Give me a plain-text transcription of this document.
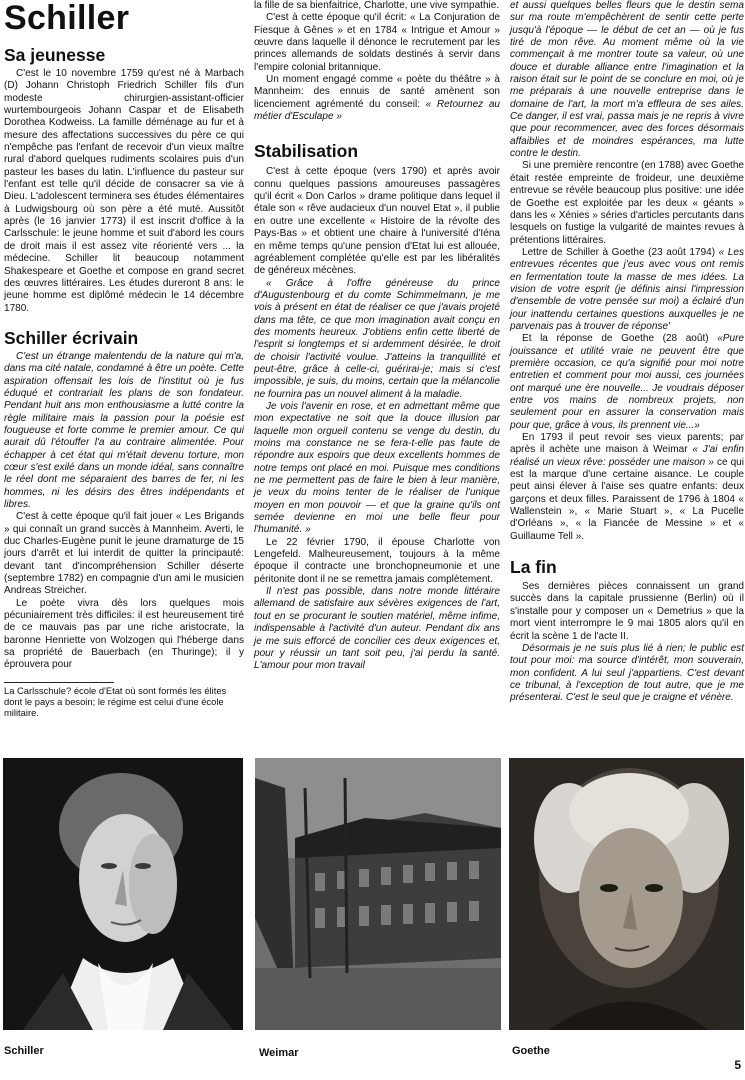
Schiller
Sa jeunesse

C'est le 10 novembre 1759 qu'est né à Marbach (D) Johann Christoph Friedrich Schiller fils d'un modeste chirurgien-assistant-officier wurtembourgeois Johann Caspar et de Elisabeth Dorothea Kodweiss. La famille déménage au fur et à mesure des affectations successives du père ce qui n'empêche pas l'enfant de recevoir d'un vieux maître rural d'abord quelques rudiments scolaires puis d'un pasteur les bases du latin. L'influence du pasteur sur l'enfant est telle qu'il décide de consacrer sa vie à Dieu. L'adolescent terminera ses études élémentaires à Ludwigsbourg où son père a été muté. Aussitôt après (le 16 janvier 1773) il est inscrit d'office à la Carlsschule: le jeune homme et suit d'abord les cours de droit mais il est assez vite réorienté vers ... la médecine. Schiller lit beaucoup notamment Shakespeare et Goethe et compose en grand secret des œuvres littéraires. Les études dureront 8 ans: le jeune homme est diplômé médecin le 14 décembre 1780.

Schiller écrivain

C'est un étrange malentendu de la nature qui m'a, dans ma cité natale, condamné à être un poète. Cette aspiration offensait les lois de l'institut où je fus éduqué et contrariait les plans de son fondateur. Pendant huit ans mon enthousiasme a lutté contre la règle militaire mais la passion pour la poésie est fougueuse et forte comme le premier amour. Ce qui aurait dû l'étouffer l'a au contraire alimentée. Pour échapper à cet état qui m'était devenu torture, mon cœur s'est exilé dans un monde idéal, sans connaître le réel dont me séparaient des barres de fer, ni les hommes, ni les désirs des êtres indépendants et libres.

C'est à cette époque qu'il fait jouer « Les Brigands » qui connaît un grand succès à Mannheim. Averti, le duc Charles-Eugène punit le jeune dramaturge de 15 jours d'arrêt et lui interdit de quitter la principauté: devant tant d'incompréhension Schiller déserte (septembre 1782) en compagnie d'un ami le musicien Andreas Streicher.

Le poète vivra dès lors quelques mois pécuniairement très difficiles: il est heureusement tiré de ce mauvais pas par une riche aristocrate, la baronne Henriette von Wolzogen qui l'héberge dans sa propriété de Bauerbach (en Thuringe); il y éprouvera pour

La Carlsschule? école d'Etat où sont formés les élites dont le pays a besoin; le régime est celui d'une école militaire.

la fille de sa bienfaitrice, Charlotte, une vive sympathie.

C'est à cette époque qu'il écrit: « La Conjuration de Fiesque à Gênes » et en 1784 « Intrigue et Amour » œuvre dans laquelle il dénonce le recrutement par les princes allemands de soldats destinés à servir dans l'empire colonial britannique.

Un moment engagé comme « poète du théâtre » à Mannheim: des ennuis de santé amènent son licenciement agrémenté du conseil: « Retournez au métier d'Esculape »

Stabilisation

C'est à cette époque (vers 1790) et après avoir connu quelques passions amoureuses passagères qu'il écrit « Don Carlos » drame politique dans lequel il étale son « rêve audacieux d'un nouvel Etat », il publie en outre une excellente « Histoire de la révolte des Pays-Bas » et obtient une chaire à l'université d'Iéna en même temps qu'une pension d'Etat lui est allouée, agréablement complétée qu'elle est par les libéralités de généreux mécènes.

« Grâce à l'offre généreuse du prince d'Augustenbourg et du comte Schimmelmann, je me vois à présent en état de réaliser ce que j'avais projeté dans ma tête, ce que mon imagination avait conçu en des moments heureux. J'obtiens enfin cette liberté de l'esprit si longtemps et si ardemment désirée, le droit de choisir l'activité voulue. J'atteins la tranquillité et peut-être, grâce à celle-ci, guérirai-je; mais si c'est impossible, je suis, du moins, certain que la mélancolie ne fournira pas un nouvel aliment à la maladie.

Je vois l'avenir en rose, et en admettant même que mon expectative ne soit que la douce illusion par laquelle mon orgueil contenu se venge du destin, du moins ma constance ne se fera-t-elle pas faute de répondre aux espoirs que deux excellents hommes de notre temps ont placé en moi. Puisque mes conditions ne me permettent pas de faire le bien à leur manière, je veux du moins tenter de le réaliser de l'unique moyen en mon pouvoir — et que la graine qu'ils ont semée devienne en moi une belle fleur pour l'humanité. »

Le 22 février 1790, il épouse Charlotte von Lengefeld. Malheureusement, toujours à la même époque il contracte une bronchopneumonie et une péritonite dont il ne se remettra jamais complètement.

Il n'est pas possible, dans notre monde littéraire allemand de satisfaire aux sévères exigences de l'art, tout en se procurant le soutien matériel, même infime, indispensable à l'activité d'un auteur. Pendant dix ans je me suis efforcé de concilier ces deux exigences et, pour y réussir un tant soit peu, j'ai perdu la santé. L'amour pour mon travail

et aussi quelques belles fleurs que le destin sema sur ma route m'empêchèrent de sentir cette perte jusqu'à l'époque — le début de cet an — où je fus tiré de mon rêve. Au moment même où la vie commençait à me montrer toute sa valeur, où une douce et durable alliance entre l'imagination et la raison était sur le point de se conclure en moi, où je me préparais à une nouvelle entreprise dans le domaine de l'art, la mort m'a effleura de ses ailes. Ce danger, il est vrai, passa mais je ne repris à vivre que pour recommencer, avec des forces désormais affaiblies et de moindres espérances, ma lutte contre le destin.

Si une première rencontre (en 1788) avec Goethe était restée empreinte de froideur, une deuxième entrevue se révèle beaucoup plus positive: une idée de Goethe est exploitée par les deux « géants » dans les « Xénies » séries d'articles percutants dans lesquels on fustige la vulgarité de maintes revues à prétentions littéraires.

Lettre de Schiller à Goethe (23 août 1794) « Les entrevues récentes que j'eus avec vous ont remis en fermentation toute la masse de mes idées. La vision de votre esprit (je définis ainsi l'impression d'ensemble de votre pensée sur moi) a éclairé d'un jour inattendu certaines questions auxquelles je ne parvenais pas à trouver de réponse'

Et la réponse de Goethe (28 août) «Pure jouissance et utilité vraie ne peuvent être que première occasion, ce qu'a signifié pour moi notre entretien et comment pour moi aussi, ces journées ont marqué une ère nouvelle... Je voudrais déposer entre vos mains de nombreux projets, non seulement pour en assurer la conservation mais pour que, grâce à vous, ils prennent vie...»

En 1793 il peut revoir ses vieux parents; par après il achète une maison à Weimar « J'ai enfin réalisé un vieux rêve: posséder une maison » ce qui est la marque d'une certaine aisance. Le couple peut ainsi élever à l'aise ses quatre enfants: deux garçons et deux filles. Paraissent de 1796 à 1804 « Wallenstein », « Marie Stuart », « La Pucelle d'Orléans », « la Fiancée de Messine » et « Guillaume Tell ».

La fin

Ses dernières pièces connaissent un grand succès dans la capitale prussienne (Berlin) où il s'installe pour y composer un « Demetrius » que la mort vient interrompre le 9 mai 1805 alors qu'il en écrit la scène 1 de l'acte II.

Désormais je ne suis plus lié à rien; le public est tout pour moi: ma source d'intérêt, mon souverain, mon confident. A lui seul j'appartiens. C'est devant ce tribunal, à l'exception de tout autre, que je me présenterai. C'est le seul que je craigne et vénère.

Schiller	Weimar	Goethe
5
